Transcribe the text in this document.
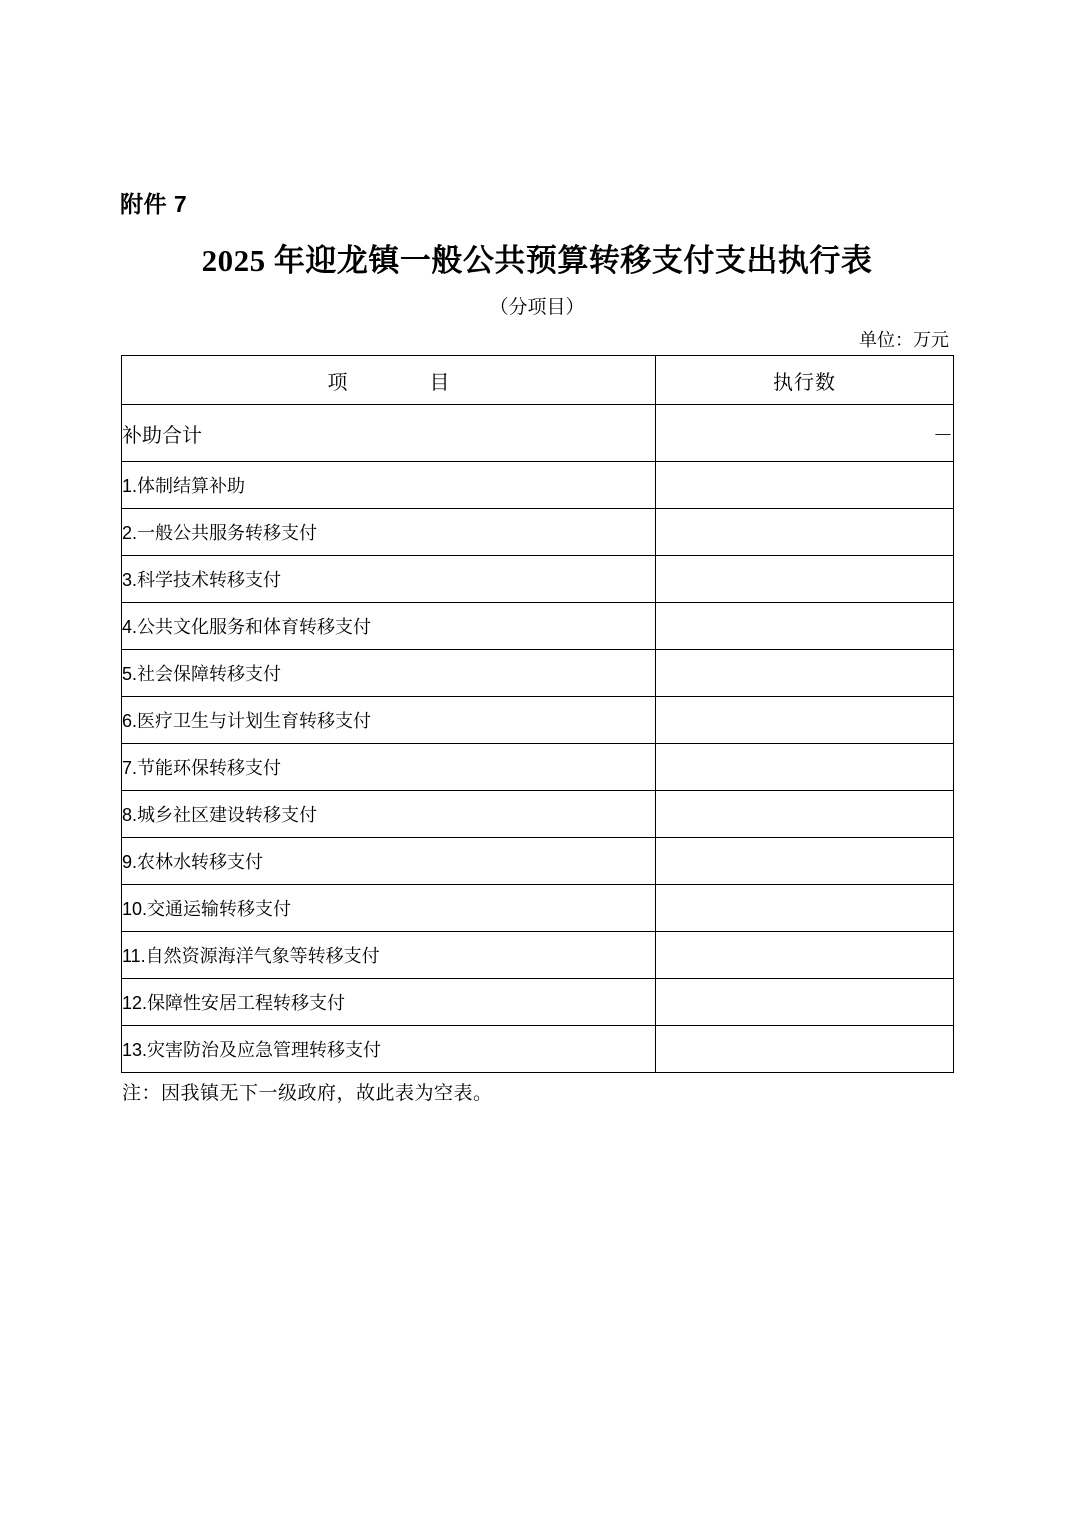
附件 7
2025 年迎龙镇一般公共预算转移支付支出执行表
（分项目）
单位：万元
项　　目	执行数
补助合计	－
1.体制结算补助	
2.一般公共服务转移支付	
3.科学技术转移支付	
4.公共文化服务和体育转移支付	
5.社会保障转移支付	
6.医疗卫生与计划生育转移支付	
7.节能环保转移支付	
8.城乡社区建设转移支付	
9.农林水转移支付	
10.交通运输转移支付	
11.自然资源海洋气象等转移支付	
12.保障性安居工程转移支付	
13.灾害防治及应急管理转移支付	
注：因我镇无下一级政府，故此表为空表。
